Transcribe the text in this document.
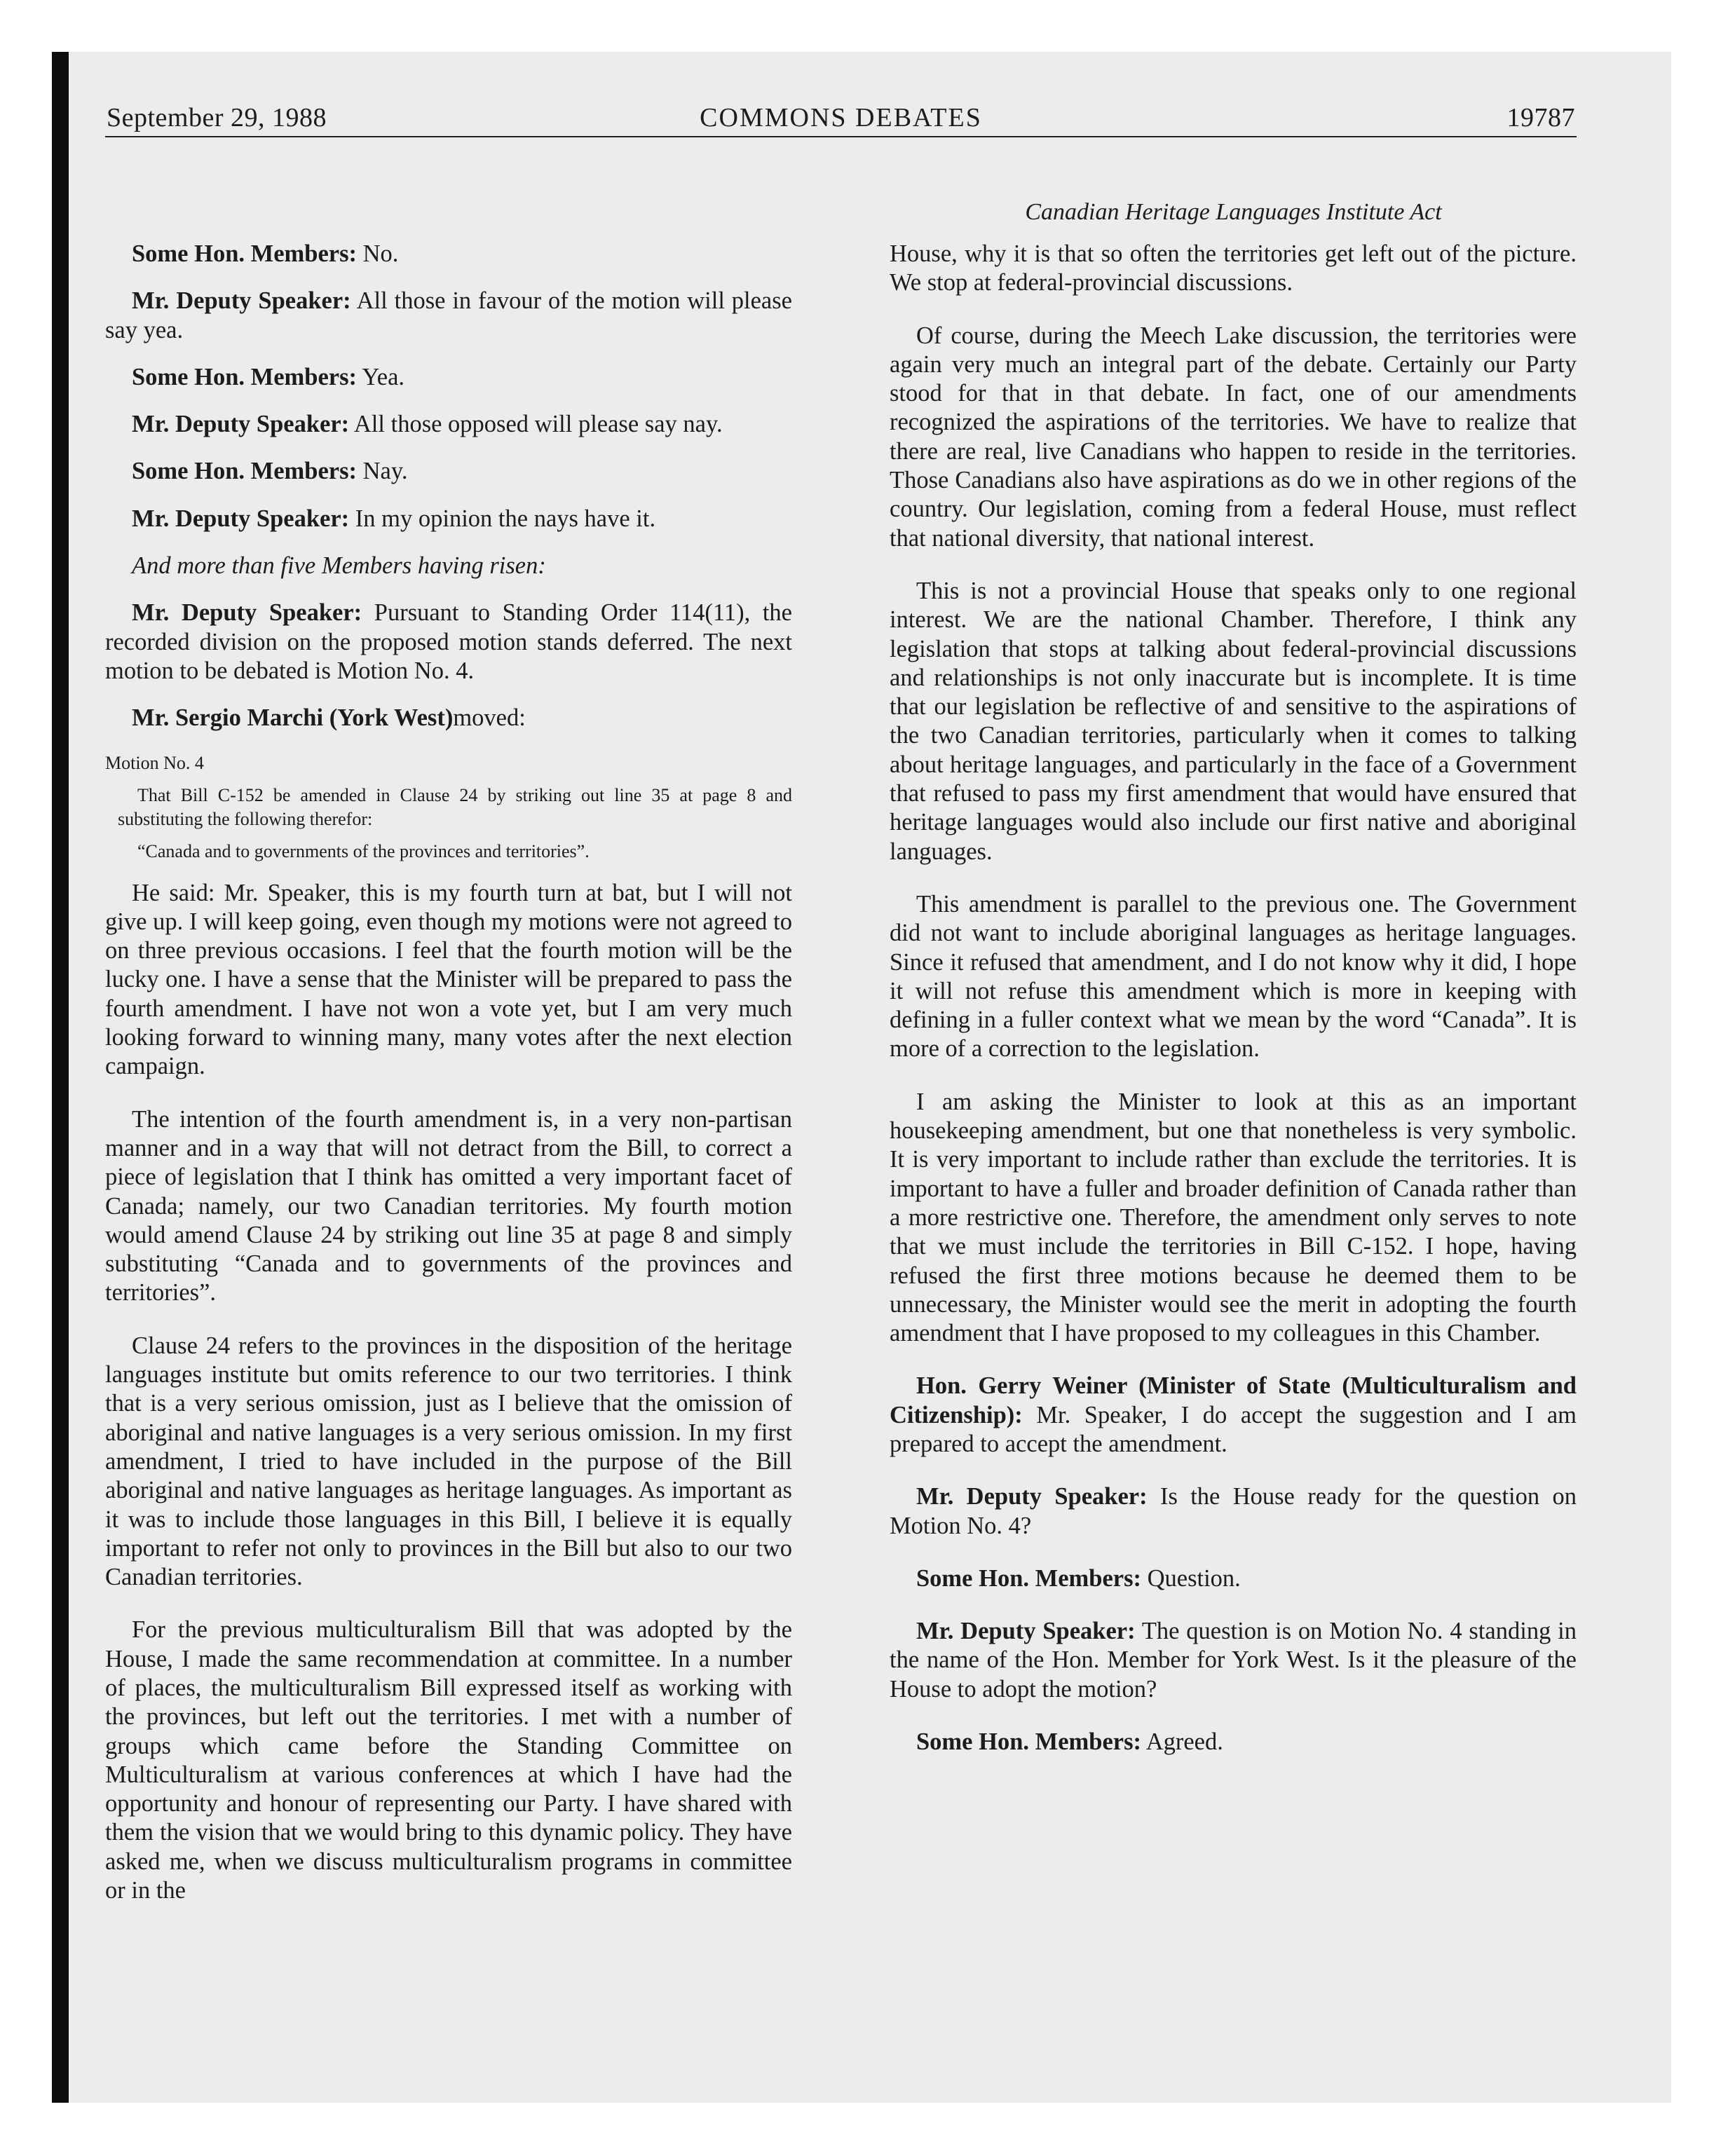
September 29, 1988	COMMONS DEBATES	19787
Canadian Heritage Languages Institute Act

Some Hon. Members: No.

Mr. Deputy Speaker: All those in favour of the motion will please say yea.

Some Hon. Members: Yea.

Mr. Deputy Speaker: All those opposed will please say nay.

Some Hon. Members: Nay.

Mr. Deputy Speaker: In my opinion the nays have it.

And more than five Members having risen:

Mr. Deputy Speaker: Pursuant to Standing Order 114(11), the recorded division on the proposed motion stands deferred. The next motion to be debated is Motion No. 4.

Mr. Sergio Marchi (York West)moved:

Motion No. 4

That Bill C-152 be amended in Clause 24 by striking out line 35 at page 8 and substituting the following therefor:

“Canada and to governments of the provinces and territories”.

He said: Mr. Speaker, this is my fourth turn at bat, but I will not give up. I will keep going, even though my motions were not agreed to on three previous occasions. I feel that the fourth motion will be the lucky one. I have a sense that the Minister will be prepared to pass the fourth amendment. I have not won a vote yet, but I am very much looking forward to winning many, many votes after the next election campaign.

The intention of the fourth amendment is, in a very non-partisan manner and in a way that will not detract from the Bill, to correct a piece of legislation that I think has omitted a very important facet of Canada; namely, our two Canadian territories. My fourth motion would amend Clause 24 by striking out line 35 at page 8 and simply substituting “Canada and to governments of the provinces and territories”.

Clause 24 refers to the provinces in the disposition of the heritage languages institute but omits reference to our two territories. I think that is a very serious omission, just as I believe that the omission of aboriginal and native languages is a very serious omission. In my first amendment, I tried to have included in the purpose of the Bill aboriginal and native languages as heritage languages. As important as it was to include those languages in this Bill, I believe it is equally important to refer not only to provinces in the Bill but also to our two Canadian territories.

For the previous multiculturalism Bill that was adopted by the House, I made the same recommendation at committee. In a number of places, the multiculturalism Bill expressed itself as working with the provinces, but left out the territories. I met with a number of groups which came before the Standing Committee on Multiculturalism at various conferences at which I have had the opportunity and honour of representing our Party. I have shared with them the vision that we would bring to this dynamic policy. They have asked me, when we discuss multiculturalism programs in committee or in the

House, why it is that so often the territories get left out of the picture. We stop at federal-provincial discussions.

Of course, during the Meech Lake discussion, the territories were again very much an integral part of the debate. Certainly our Party stood for that in that debate. In fact, one of our amendments recognized the aspirations of the territories. We have to realize that there are real, live Canadians who happen to reside in the territories. Those Canadians also have aspirations as do we in other regions of the country. Our legislation, coming from a federal House, must reflect that national diversity, that national interest.

This is not a provincial House that speaks only to one regional interest. We are the national Chamber. Therefore, I think any legislation that stops at talking about federal-provincial discussions and relationships is not only inaccurate but is incomplete. It is time that our legislation be reflective of and sensitive to the aspirations of the two Canadian territories, particularly when it comes to talking about heritage languages, and particularly in the face of a Government that refused to pass my first amendment that would have ensured that heritage languages would also include our first native and aboriginal languages.

This amendment is parallel to the previous one. The Government did not want to include aboriginal languages as heritage languages. Since it refused that amendment, and I do not know why it did, I hope it will not refuse this amendment which is more in keeping with defining in a fuller context what we mean by the word “Canada”. It is more of a correction to the legislation.

I am asking the Minister to look at this as an important housekeeping amendment, but one that nonetheless is very symbolic. It is very important to include rather than exclude the territories. It is important to have a fuller and broader definition of Canada rather than a more restrictive one. Therefore, the amendment only serves to note that we must include the territories in Bill C-152. I hope, having refused the first three motions because he deemed them to be unnecessary, the Minister would see the merit in adopting the fourth amendment that I have proposed to my colleagues in this Chamber.

Hon. Gerry Weiner (Minister of State (Multiculturalism and Citizenship): Mr. Speaker, I do accept the suggestion and I am prepared to accept the amendment.

Mr. Deputy Speaker: Is the House ready for the question on Motion No. 4?

Some Hon. Members: Question.

Mr. Deputy Speaker: The question is on Motion No. 4 standing in the name of the Hon. Member for York West. Is it the pleasure of the House to adopt the motion?

Some Hon. Members: Agreed.
